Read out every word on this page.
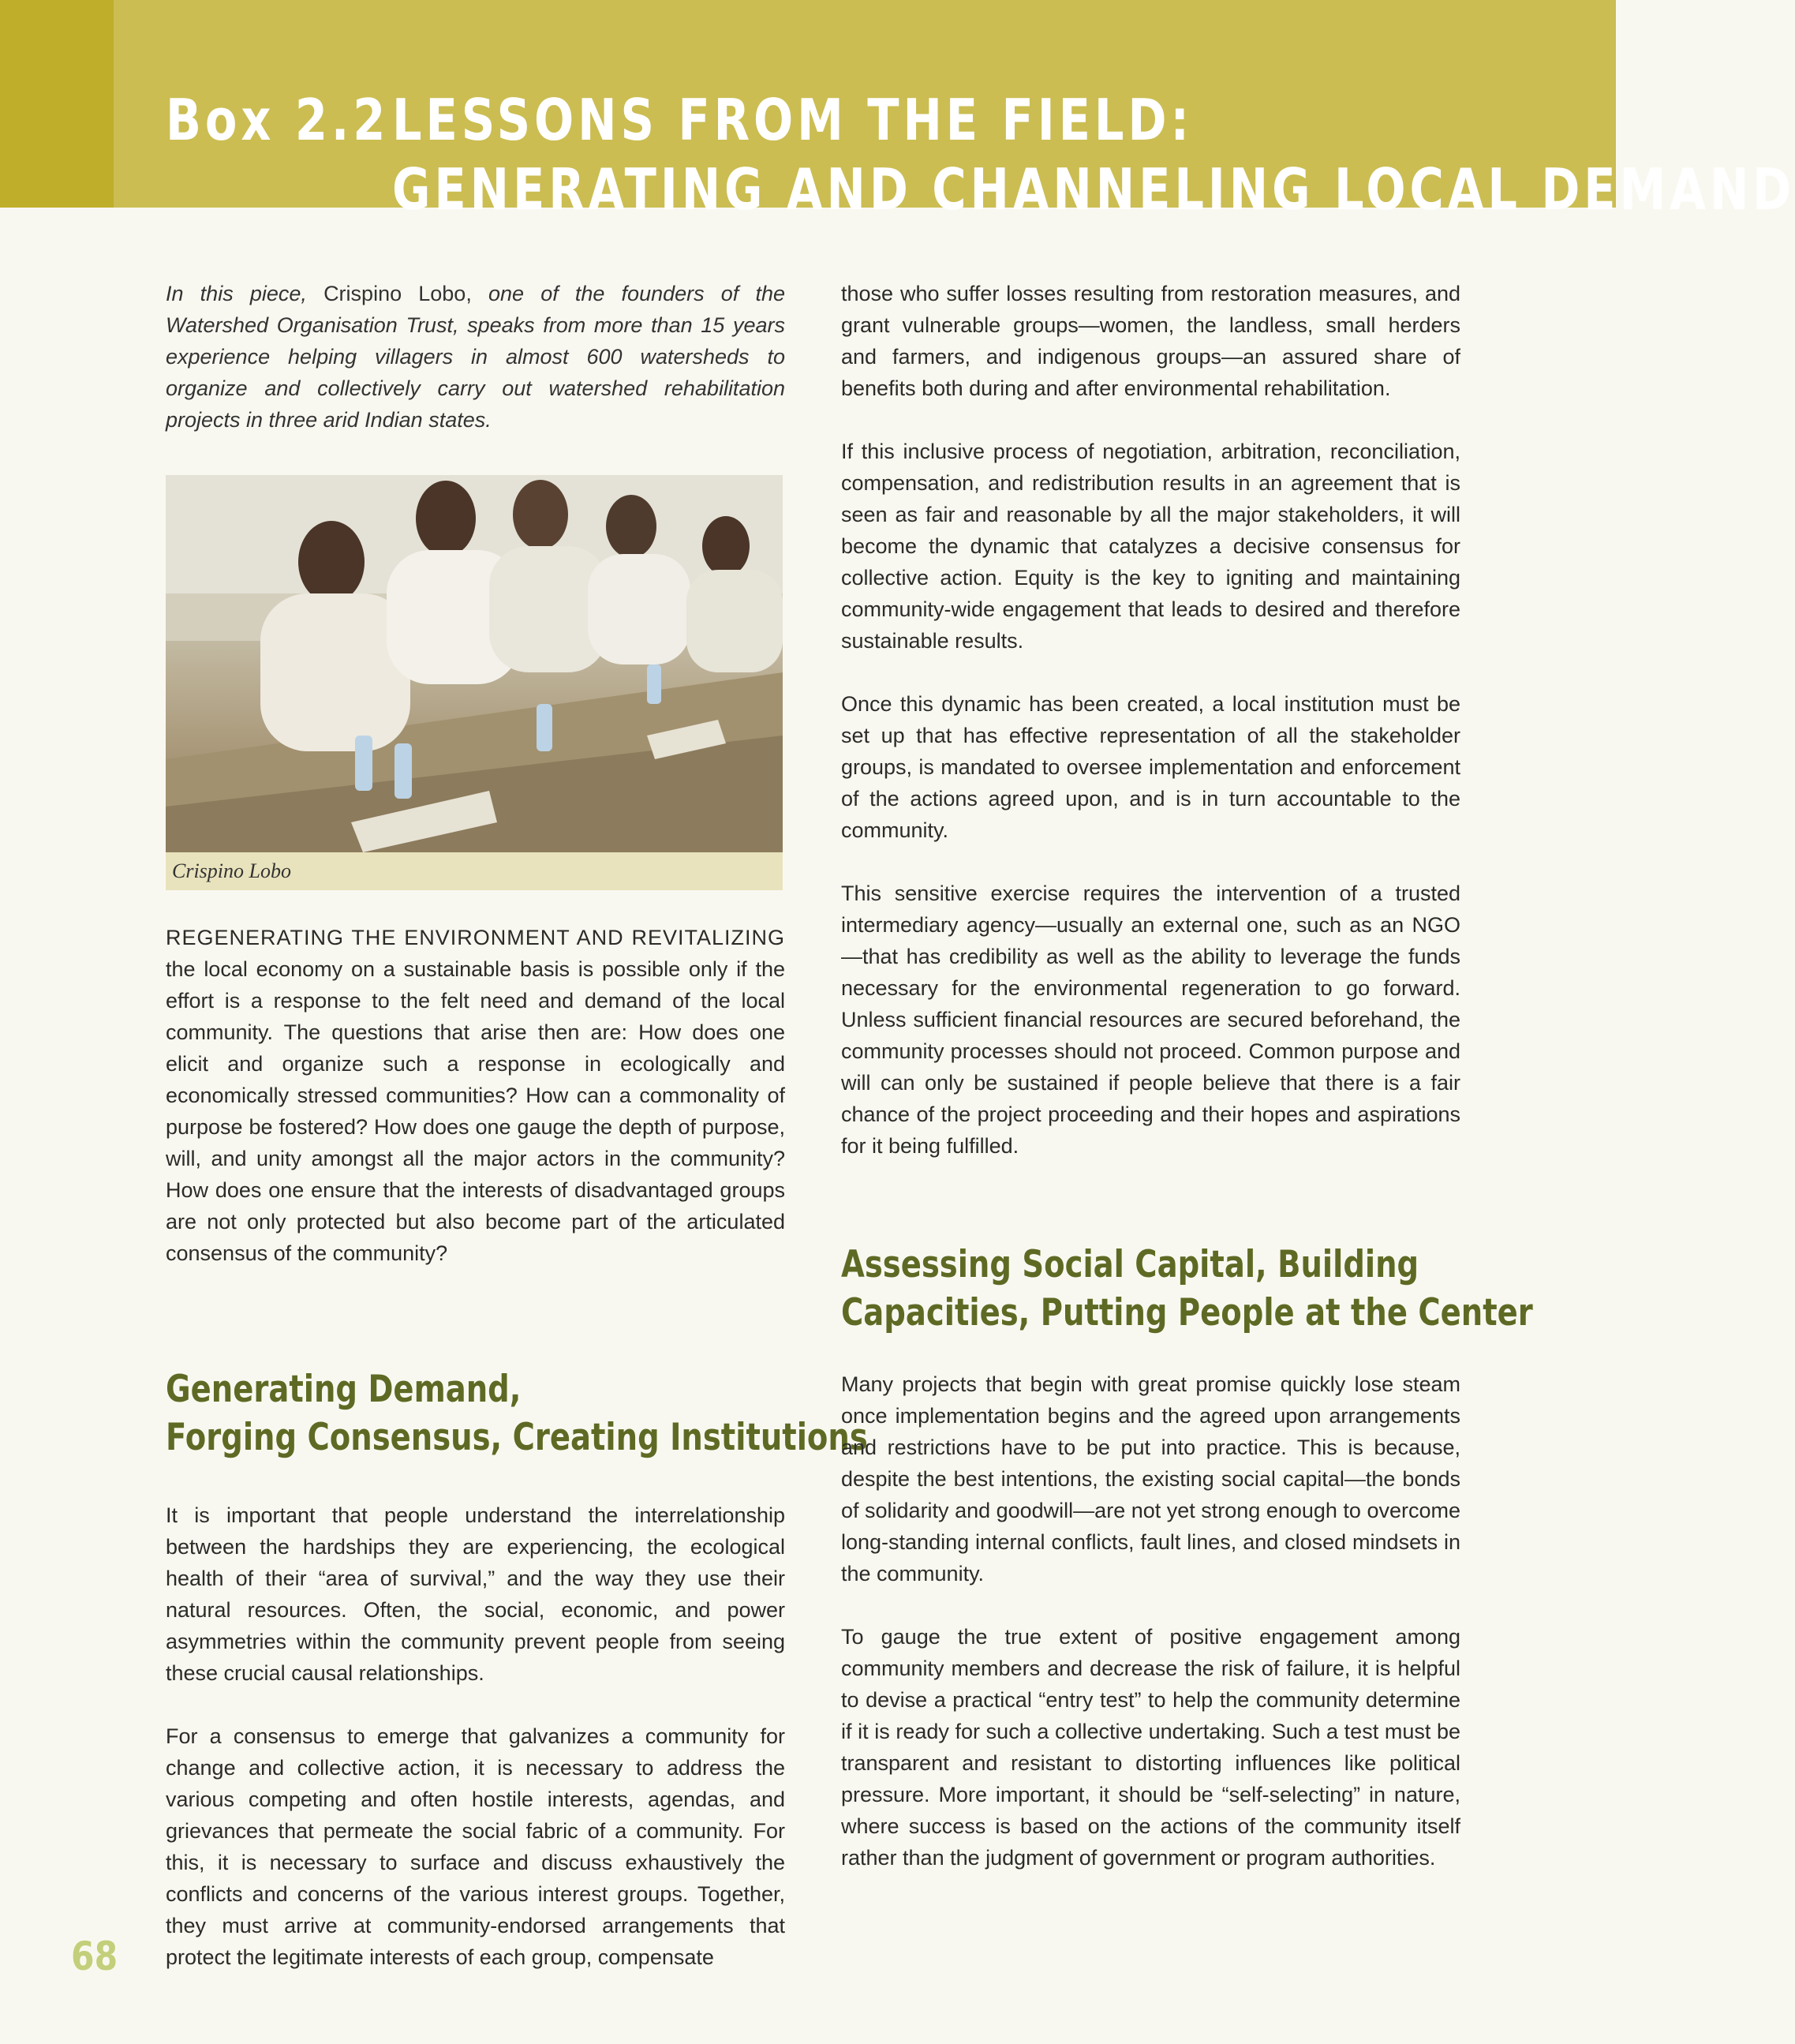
Box 2.2 LESSONS FROM THE FIELD:
GENERATING AND CHANNELING LOCAL DEMAND

In this piece, Crispino Lobo, one of the founders of the Watershed Organisation Trust, speaks from more than 15 years experience helping villagers in almost 600 watersheds to organize and collectively carry out watershed rehabilitation projects in three arid Indian states.

Crispino Lobo

REGENERATING THE ENVIRONMENT AND REVITALIZING the local economy on a sustainable basis is possible only if the effort is a response to the felt need and demand of the local community. The questions that arise then are: How does one elicit and organize such a response in ecologically and economically stressed communities? How can a commonality of purpose be fostered? How does one gauge the depth of purpose, will, and unity amongst all the major actors in the community? How does one ensure that the interests of disadvantaged groups are not only protected but also become part of the articulated consensus of the community?

Generating Demand,
Forging Consensus, Creating Institutions

It is important that people understand the interrelationship between the hardships they are experiencing, the ecological health of their “area of survival,” and the way they use their natural resources. Often, the social, economic, and power asymmetries within the community prevent people from seeing these crucial causal relationships.

For a consensus to emerge that galvanizes a community for change and collective action, it is necessary to address the various competing and often hostile interests, agendas, and grievances that permeate the social fabric of a community. For this, it is necessary to surface and discuss exhaustively the conflicts and concerns of the various interest groups. Together, they must arrive at community-endorsed arrangements that protect the legitimate interests of each group, compensate

those who suffer losses resulting from restoration measures, and grant vulnerable groups—women, the landless, small herders and farmers, and indigenous groups—an assured share of benefits both during and after environmental rehabilitation.

If this inclusive process of negotiation, arbitration, reconciliation, compensation, and redistribution results in an agreement that is seen as fair and reasonable by all the major stakeholders, it will become the dynamic that catalyzes a decisive consensus for collective action. Equity is the key to igniting and maintaining community-wide engagement that leads to desired and therefore sustainable results.

Once this dynamic has been created, a local institution must be set up that has effective representation of all the stakeholder groups, is mandated to oversee implementation and enforcement of the actions agreed upon, and is in turn accountable to the community.

This sensitive exercise requires the intervention of a trusted intermediary agency—usually an external one, such as an NGO—that has credibility as well as the ability to leverage the funds necessary for the environmental regeneration to go forward. Unless sufficient financial resources are secured beforehand, the community processes should not proceed. Common purpose and will can only be sustained if people believe that there is a fair chance of the project proceeding and their hopes and aspirations for it being fulfilled.

Assessing Social Capital, Building
Capacities, Putting People at the Center

Many projects that begin with great promise quickly lose steam once implementation begins and the agreed upon arrangements and restrictions have to be put into practice. This is because, despite the best intentions, the existing social capital—the bonds of solidarity and goodwill—are not yet strong enough to overcome long-standing internal conflicts, fault lines, and closed mindsets in the community.

To gauge the true extent of positive engagement among community members and decrease the risk of failure, it is helpful to devise a practical “entry test” to help the community determine if it is ready for such a collective undertaking. Such a test must be transparent and resistant to distorting influences like political pressure. More important, it should be “self-selecting” in nature, where success is based on the actions of the community itself rather than the judgment of government or program authorities.

68
